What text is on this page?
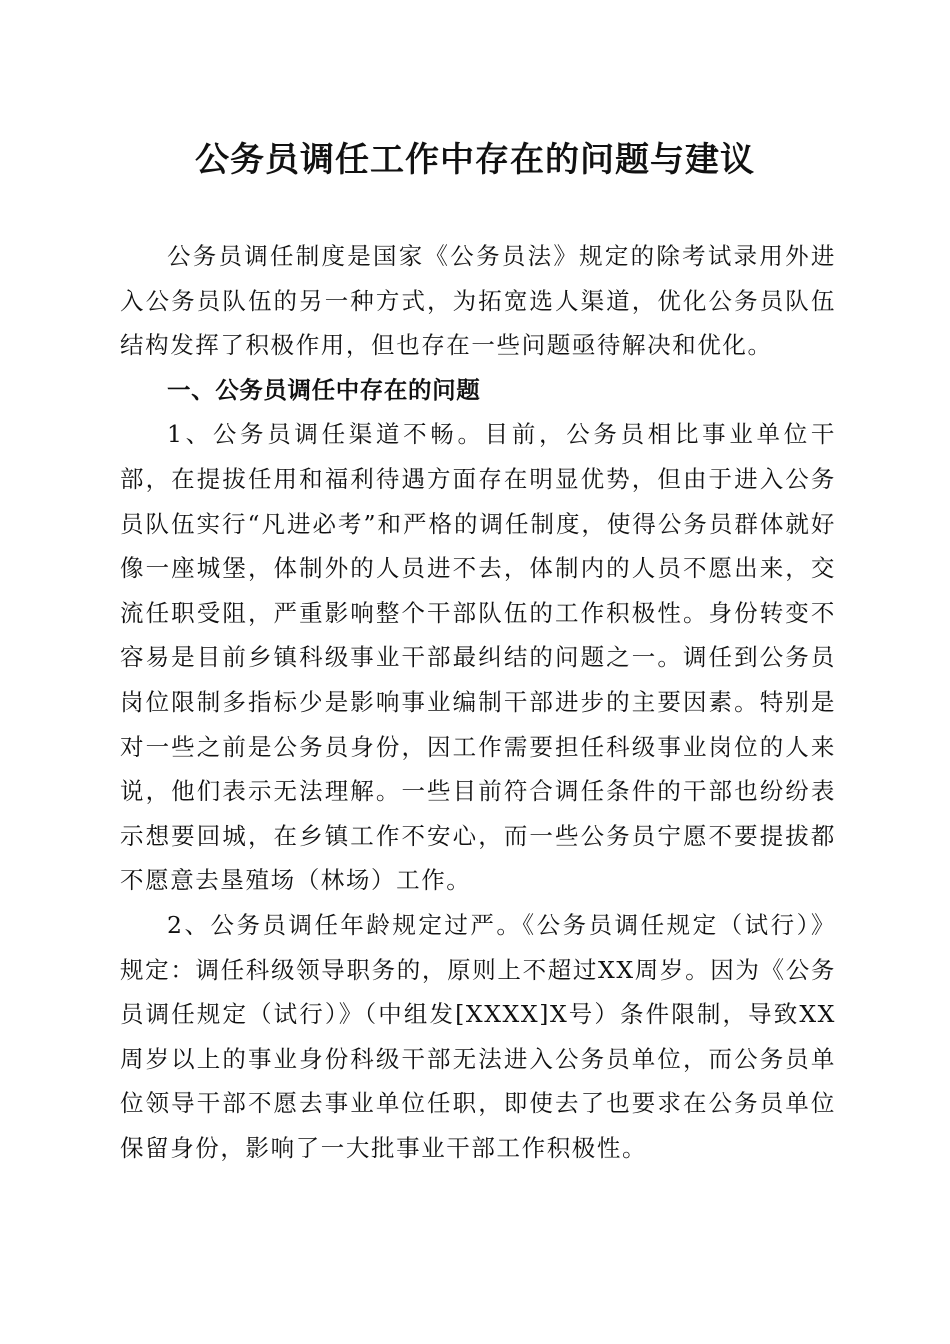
公务员调任工作中存在的问题与建议

公务员调任制度是国家《公务员法》规定的除考试录用外进入公务员队伍的另一种方式，为拓宽选人渠道，优化公务员队伍结构发挥了积极作用，但也存在一些问题亟待解决和优化。

一、公务员调任中存在的问题

1、公务员调任渠道不畅。目前，公务员相比事业单位干部，在提拔任用和福利待遇方面存在明显优势，但由于进入公务员队伍实行“凡进必考”和严格的调任制度，使得公务员群体就好像一座城堡，体制外的人员进不去，体制内的人员不愿出来，交流任职受阻，严重影响整个干部队伍的工作积极性。身份转变不容易是目前乡镇科级事业干部最纠结的问题之一。调任到公务员岗位限制多指标少是影响事业编制干部进步的主要因素。特别是对一些之前是公务员身份，因工作需要担任科级事业岗位的人来说，他们表示无法理解。一些目前符合调任条件的干部也纷纷表示想要回城，在乡镇工作不安心，而一些公务员宁愿不要提拔都不愿意去垦殖场（林场）工作。

2、公务员调任年龄规定过严。《公务员调任规定（试行）》规定：调任科级领导职务的，原则上不超过XX周岁。因为《公务员调任规定（试行）》（中组发[XXXX]X号）条件限制，导致XX周岁以上的事业身份科级干部无法进入公务员单位，而公务员单位领导干部不愿去事业单位任职，即使去了也要求在公务员单位保留身份，影响了一大批事业干部工作积极性。
